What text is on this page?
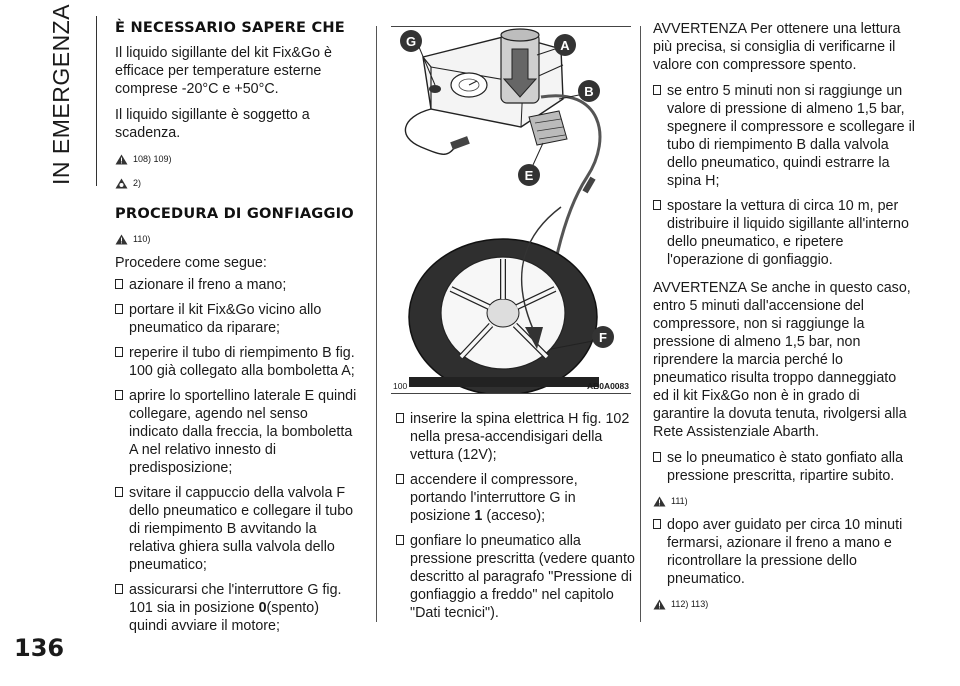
IN EMERGENZA
136
È NECESSARIO SAPERE CHE

Il liquido sigillante del kit Fix&Go è efficace per temperature esterne comprese -20°C e +50°C.

Il liquido sigillante è soggetto a scadenza.

108) 109)
2)
PROCEDURA DI GONFIAGGIO
110)

Procedere come segue:

azionare il freno a mano;
portare il kit Fix&Go vicino allo pneumatico da riparare;
reperire il tubo di riempimento B fig. 100 già collegato alla bomboletta A;
aprire lo sportellino laterale E quindi collegare, agendo nel senso indicato dalla freccia, la bomboletta A nel relativo innesto di predisposizione;
svitare il cappuccio della valvola F dello pneumatico e collegare il tubo di riempimento B avvitando la relativa ghiera sulla valvola dello pneumatico;
assicurarsi che l'interruttore G fig. 101 sia in posizione 0(spento) quindi avviare il motore;
G	A
B
E
F
100	AB0A0083
inserire la spina elettrica H fig. 102 nella presa-accendisigari della vettura (12V);
accendere il compressore, portando l'interruttore G in posizione 1 (acceso);
gonfiare lo pneumatico alla pressione prescritta (vedere quanto descritto al paragrafo "Pressione di gonfiaggio a freddo" nel capitolo "Dati tecnici").

AVVERTENZA Per ottenere una lettura più precisa, si consiglia di verificarne il valore con compressore spento.

se entro 5 minuti non si raggiunge un valore di pressione di almeno 1,5 bar, spegnere il compressore e scollegare il tubo di riempimento B dalla valvola dello pneumatico, quindi estrarre la spina H;
spostare la vettura di circa 10 m, per distribuire il liquido sigillante all'interno dello pneumatico, e ripetere l'operazione di gonfiaggio.

AVVERTENZA Se anche in questo caso, entro 5 minuti dall'accensione del compressore, non si raggiunge la pressione di almeno 1,5 bar, non riprendere la marcia perché lo pneumatico risulta troppo danneggiato ed il kit Fix&Go non è in grado di garantire la dovuta tenuta, rivolgersi alla Rete Assistenziale Abarth.

se lo pneumatico è stato gonfiato alla pressione prescritta, ripartire subito.
111)
dopo aver guidato per circa 10 minuti fermarsi, azionare il freno a mano e ricontrollare la pressione dello pneumatico.
112) 113)
